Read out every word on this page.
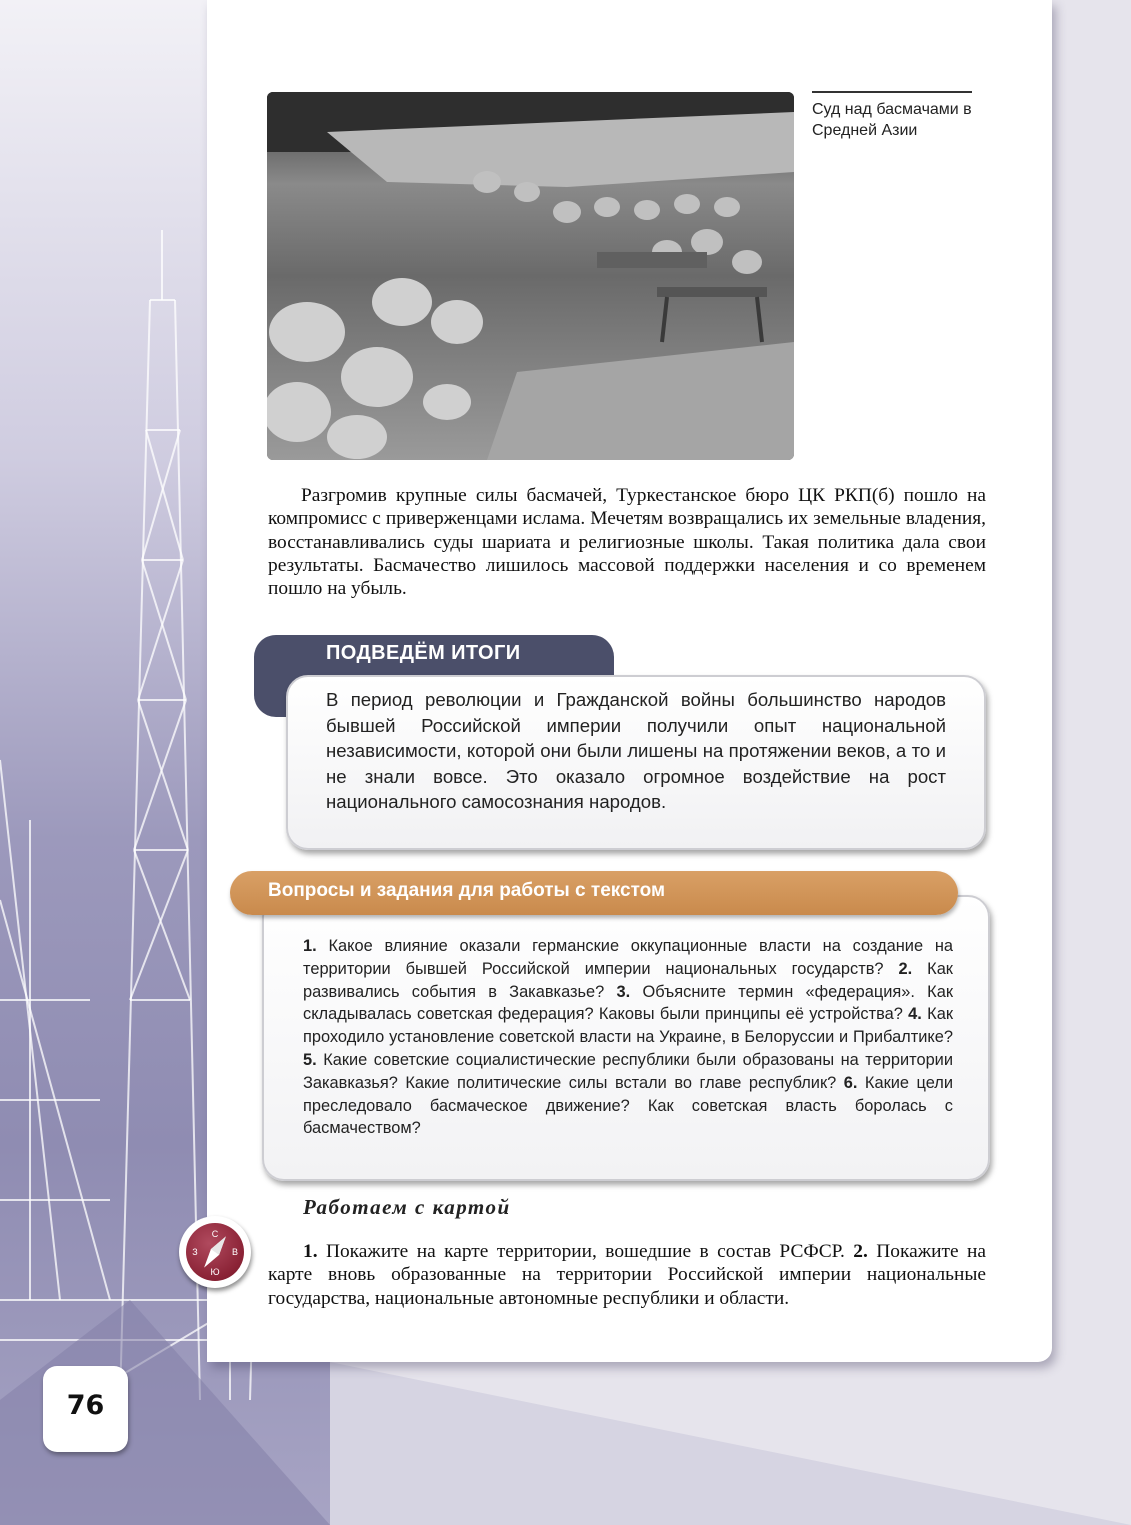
Суд над басмачами в Средней Азии

Разгромив крупные силы басмачей, Туркестанское бюро ЦК РКП(б) пошло на компромисс с приверженцами ислама. Мечетям возвращались их земельные владения, восстанавливались суды шариата и религиозные школы. Такая политика дала свои результаты. Басмачество лишилось массовой поддержки населения и со временем пошло на убыль.

ПОДВЕДЁМ ИТОГИ

В период революции и Гражданской войны большинство народов бывшей Российской империи получили опыт национальной независимости, которой они были лишены на протяжении веков, а то и не знали вовсе. Это оказало огромное воздействие на рост национального самосознания народов.

Вопросы и задания для работы с текстом

1. Какое влияние оказали германские оккупационные власти на создание на территории бывшей Российской империи национальных государств? 2. Как развивались события в Закавказье? 3. Объясните термин «федерация». Как складывалась советская федерация? Каковы были принципы её устройства? 4. Как проходило установление советской власти на Украине, в Белоруссии и Прибалтике? 5. Какие советские социалистические республики были образованы на территории Закавказья? Какие политические силы встали во главе республик? 6. Какие цели преследовало басмаческое движение? Как советская власть боролась с басмачеством?

Работаем с картой
С
В
Ю
З	1. Покажите на карте территории, вошедшие в состав РСФСР. 2. Покажите на карте вновь образованные на территории Российской империи национальные государства, национальные автономные республики и области.

76
